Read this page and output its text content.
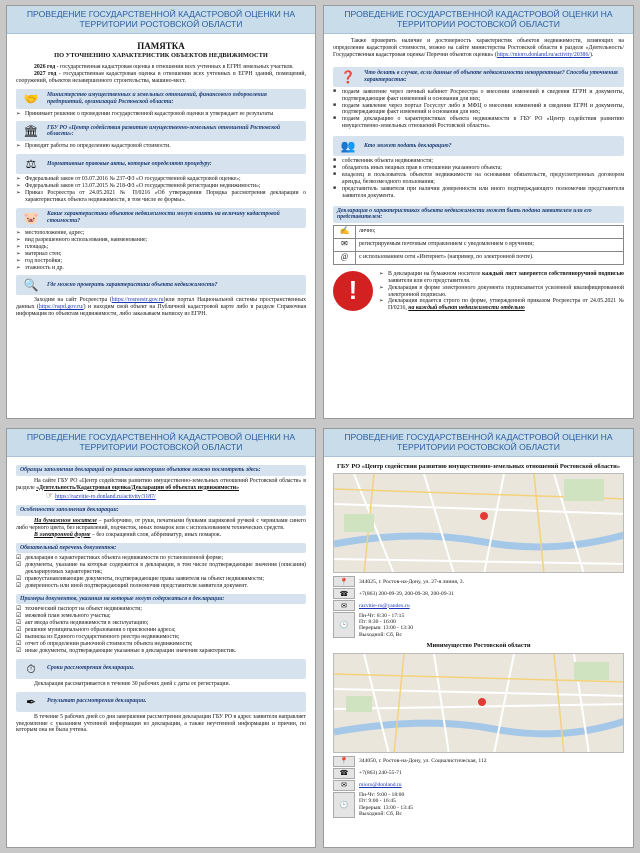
ПРОВЕДЕНИЕ ГОСУДАРСТВЕННОЙ КАДАСТРОВОЙ ОЦЕНКИ НА ТЕРРИТОРИИ РОСТОВСКОЙ ОБЛАСТИ
ПАМЯТКА
ПО УТОЧНЕНИЮ ХАРАКТЕРИСТИК ОБЪЕКТОВ НЕДВИЖИМОСТИ

2026 год - государственная кадастровая оценка в отношении всех учтенных в ЕГРН земельных участков.

2027 год - государственная кадастровая оценка в отношении всех учтенных в ЕГРН зданий, помещений, сооружений, объектов незавершенного строительства, машино-мест.

🤝	Министерство имущественных и земельных отношений, финансового оздоровления предприятий, организаций Ростовской области:
➢ Принимает решение о проведении государственной кадастровой оценки и утверждает ее результаты
🏛	ГБУ РО «Центр содействия развитию имущественно-земельных отношений Ростовской области»:
➢ Проводит работы по определению кадастровой стоимости.
⚖	Нормативные правовые акты, которые определяют процедуру:
➢ Федеральный закон от 03.07.2016 № 237-ФЗ «О государственной кадастровой оценке»;
➢ Федеральный закон от 13.07.2015 № 218-ФЗ «О государственной регистрации недвижимости»;
➢ Приказ Росреестра от 24.05.2021 № П/0216 «Об утверждении Порядка рассмотрения декларации о характеристиках объекта недвижимости, в том числе ее формы».
🐷	Какие характеристики объектов недвижимости могут влиять на величину кадастровой стоимости?
➢ местоположение, адрес;
➢ вид разрешенного использования, наименование;
➢ площадь;
➢ материал стен;
➢ год постройки;
➢ этажность и др.
🔍	Где можно проверить характеристики объекта недвижимости?

Заходим на сайт Росреестра (https://rosreestr.gov.ru)или портал Национальной системы пространственных данных (https://nspd.gov.ru/) и находим свой объект на Публичной кадастровой карте либо в разделе Справочная информация по объектам недвижимости, либо заказываем выписку из ЕГРН.

ПРОВЕДЕНИЕ ГОСУДАРСТВЕННОЙ КАДАСТРОВОЙ ОЦЕНКИ НА ТЕРРИТОРИИ РОСТОВСКОЙ ОБЛАСТИ

Также проверить наличие и достоверность характеристик объектов недвижимости, влияющих на определение кадастровой стоимости, можно на сайте министерства Ростовской области в разделе «Деятельность/ Государственная кадастровая оценка/ Перечни объектов оценки» (https://mioro.donland.ru/activity/20386/).

❓	Что делать в случае, если данные об объекте недвижимости некорректные? Способы уточнения характеристик:
■ подаем заявление через личный кабинет Росреестра о внесении изменений в сведения ЕГРН и документы, подтверждающие факт изменений и основания для них;
■ подаем заявление через портал Госуслуг либо в МФЦ о внесении изменений в сведения ЕГРН и документы, подтверждающие факт изменений и основания для них;
■ подаем декларацию о характеристиках объекта недвижимости в ГБУ РО «Центр содействия развитию имущественно-земельных отношений Ростовской области».
👥	Кто может подать декларацию?
■ собственник объекта недвижимости;
■ обладатель иных вещных прав в отношении указанного объекта;
■ владелец и пользователь объектов недвижимости на основании обязательств, предусмотренных договором аренды, безвозмездного пользования;
■ представитель заявителя при наличии доверенности или иного подтверждающего полномочия представителя заявителя документа.
Декларация о характеристиках объекта недвижимости может быть подана заявителем или его представителем:
✍	лично;
✉	регистрируемым почтовым отправлением с уведомлением о вручении;
@	с использованием сети «Интернет» (например, по электронной почте).
!
➢ В декларации на бумажном носителе каждый лист заверяется собственноручной подписью заявителя или его представителя.
➢ Декларация в форме электронного документа подписывается усиленной квалифицированной электронной подписью.
➢ Декларация подается строго по форме, утвержденной приказом Росреестра от 24.05.2021 № П/0216, на каждый объект недвижимости отдельно
ПРОВЕДЕНИЕ ГОСУДАРСТВЕННОЙ КАДАСТРОВОЙ ОЦЕНКИ НА ТЕРРИТОРИИ РОСТОВСКОЙ ОБЛАСТИ
Образцы заполнения деклараций по разным категориям объектов можно посмотреть здесь:

На сайте ГБУ РО «Центр содействия развитию имущественно-земельных отношений Ростовской области» в разделе «Деятельность/Кадастровая оценка/Декларации об объектах недвижимости»

☞ https://razvitie-ro.donland.ru/activity/3187/

Особенности заполнения декларации:

На бумажном носителе – разборчиво, от руки, печатными буквами шариковой ручкой с чернилами синего либо черного цвета, без исправлений, подчисток, иных помарок или с использованием технических средств.

В электронной форме – без сокращений слов, аббревиатур, иных помарок.

Обязательный перечень документов:
☑ декларация о характеристиках объекта недвижимости по установленной форме;
☑ документы, указание на которые содержится в декларации, в том числе подтверждающие значения (описания) декларируемых характеристик;
☑ правоустанавливающие документы, подтверждающие права заявителя на объект недвижимости;
☑ доверенность или иной подтверждающий полномочия представителя заявителя документ.
Примеры документов, указания на которые могут содержаться в декларации:
☑ технический паспорт на объект недвижимости;
☑ межевой план земельного участка;
☑ акт ввода объекта недвижимости в эксплуатацию;
☑ решение муниципального образования о присвоении адреса;
☑ выписка из Единого государственного реестра недвижимости;
☑ отчет об определении рыночной стоимости объекта недвижимости;
☑ иные документы, подтверждающие указанные в декларации значения характеристик.
⏱	Сроки рассмотрения декларации.

Декларация рассматривается в течение 30 рабочих дней с даты ее регистрации.

✒	Результат рассмотрения декларации.

В течение 5 рабочих дней со дня завершения рассмотрения декларации ГБУ РО в адрес заявителя направляет уведомление с указанием учтенной информации из декларации, а также неучтенной информации и причин, по которым она не была учтена.

ПРОВЕДЕНИЕ ГОСУДАРСТВЕННОЙ КАДАСТРОВОЙ ОЦЕНКИ НА ТЕРРИТОРИИ РОСТОВСКОЙ ОБЛАСТИ
ГБУ РО «Центр содействия развитию имущественно-земельных отношений Ростовской области»
📍	344025, г. Ростов-на-Дону, ул. 27-я линия, 3.
☎	+7(863) 200-09-39, 200-09-38, 200-09-31
✉	razvitie-ro@yandex.ru
🕒
Пн-Чт: 8:30 - 17:15
Пт: 8:30 - 16:00
Перерыв: 13:00 - 13:30
Выходной: Сб, Вс
Минимущество Ростовской области
📍	344050, г. Ростов-на-Дону, ул. Социалистическая, 112
☎	+7(863) 240-55-71
✉	mioro@donland.ru
🕒
Пн-Чт: 9:00 - 18:00
Пт: 9:00 - 16:45
Перерыв: 13:00 - 13:45
Выходной: Сб, Вс
